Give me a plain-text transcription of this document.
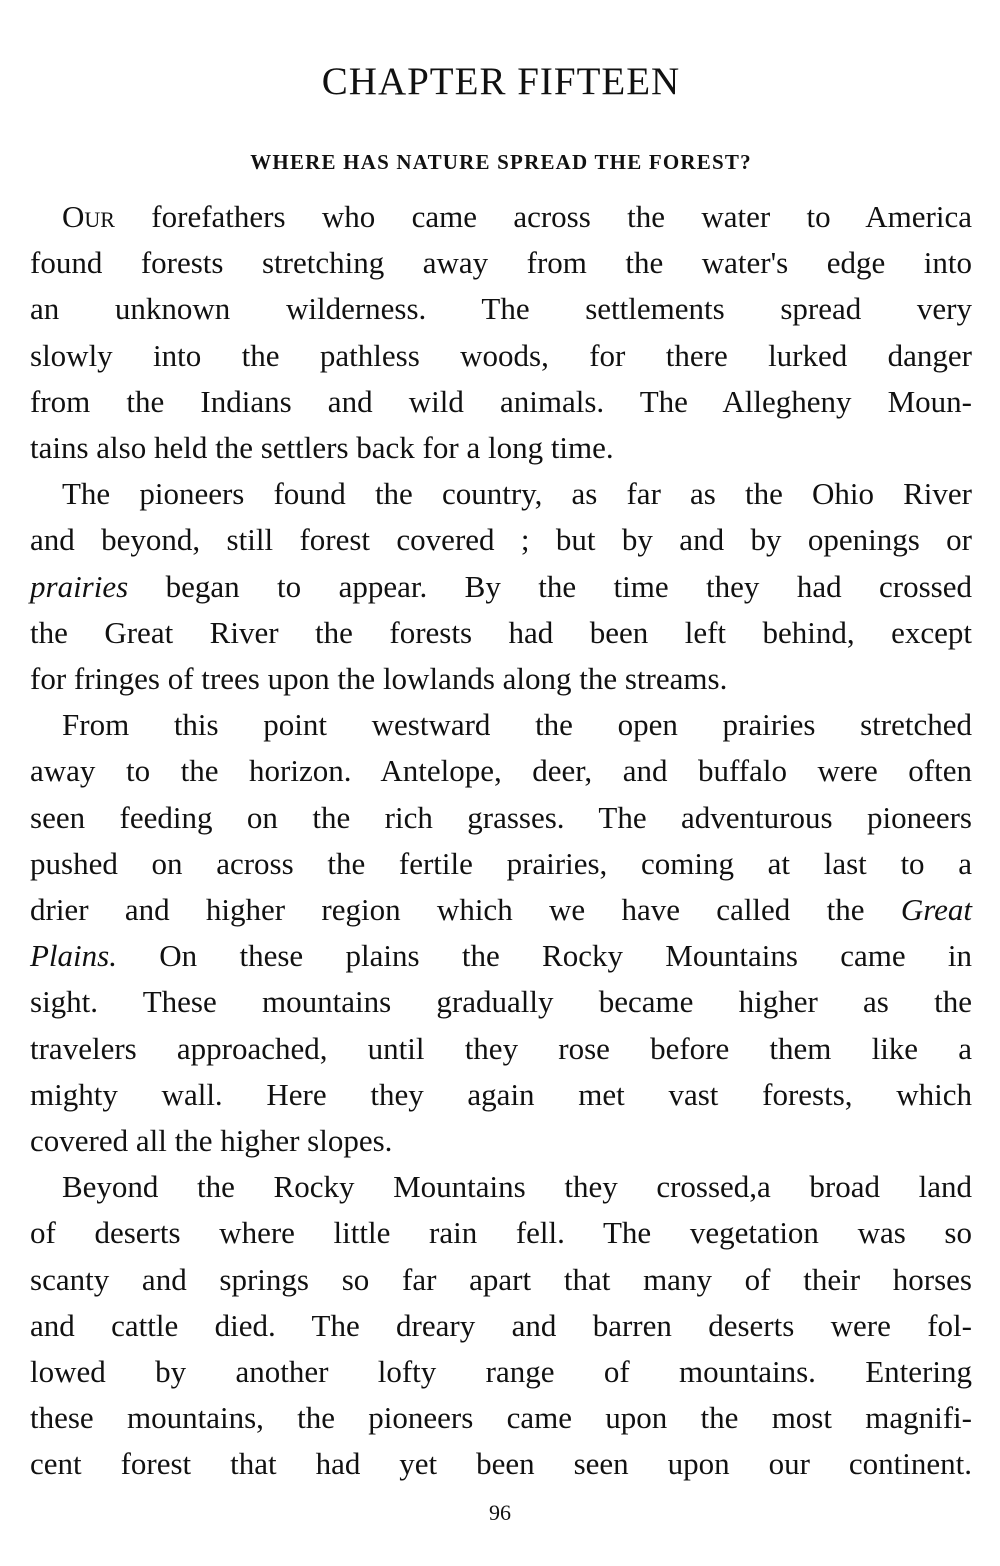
CHAPTER FIFTEEN
WHERE HAS NATURE SPREAD THE FOREST?

Our forefathers who came across the water to America
found forests stretching away from the water's edge into
an unknown wilderness. The settlements spread very
slowly into the pathless woods, for there lurked danger
from the Indians and wild animals. The Allegheny Moun-
tains also held the settlers back for a long time.

The pioneers found the country, as far as the Ohio River
and beyond, still forest covered ; but by and by openings or
prairies began to appear. By the time they had crossed
the Great River the forests had been left behind, except
for fringes of trees upon the lowlands along the streams.

From this point westward the open prairies stretched
away to the horizon. Antelope, deer, and buffalo were often
seen feeding on the rich grasses. The adventurous pioneers
pushed on across the fertile prairies, coming at last to a
drier and higher region which we have called the Great
Plains. On these plains the Rocky Mountains came in
sight. These mountains gradually became higher as the
travelers approached, until they rose before them like a
mighty wall. Here they again met vast forests, which
covered all the higher slopes.

Beyond the Rocky Mountains they crossed,a broad land
of deserts where little rain fell. The vegetation was so
scanty and springs so far apart that many of their horses
and cattle died. The dreary and barren deserts were fol-
lowed by another lofty range of mountains. Entering
these mountains, the pioneers came upon the most magnifi-
cent forest that had yet been seen upon our continent.

96
